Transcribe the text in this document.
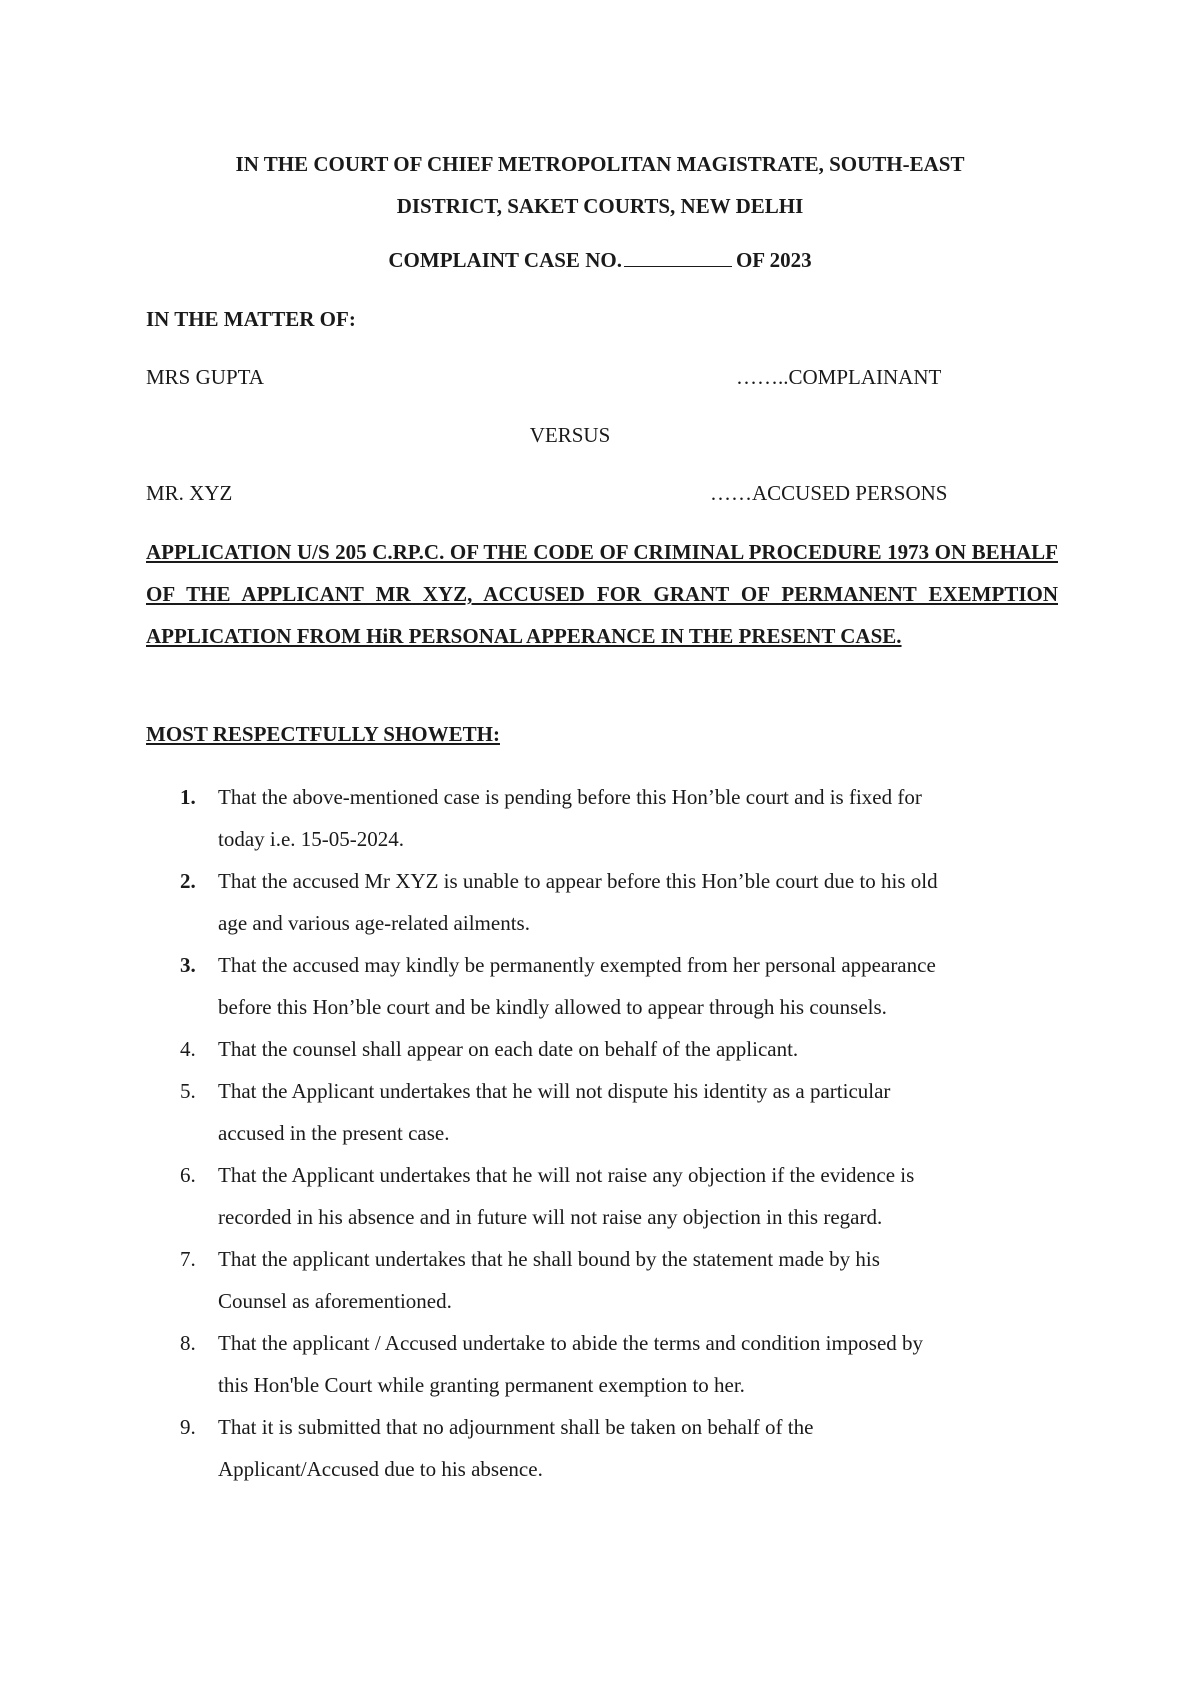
IN THE COURT OF CHIEF METROPOLITAN MAGISTRATE, SOUTH-EAST
DISTRICT, SAKET COURTS, NEW DELHI
COMPLAINT CASE NO.	OF 2023
IN THE MATTER OF:
MRS GUPTA	……..COMPLAINANT
VERSUS
MR. XYZ	……ACCUSED PERSONS
APPLICATION U/S 205 C.RP.C. OF THE CODE OF CRIMINAL PROCEDURE 1973 ON BEHALF OF THE APPLICANT MR XYZ, ACCUSED FOR GRANT OF PERMANENT EXEMPTION APPLICATION FROM HiR PERSONAL APPERANCE IN THE PRESENT CASE.
MOST RESPECTFULLY SHOWETH:
1. That the above-mentioned case is pending before this Hon’ble court and is fixed for
today i.e. 15-05-2024.
2. That the accused Mr XYZ is unable to appear before this Hon’ble court due to his old
age and various age-related ailments.
3. That the accused may kindly be permanently exempted from her personal appearance
before this Hon’ble court and be kindly allowed to appear through his counsels.
4. That the counsel shall appear on each date on behalf of the applicant.
5. That the Applicant undertakes that he will not dispute his identity as a particular
accused in the present case.
6. That the Applicant undertakes that he will not raise any objection if the evidence is
recorded in his absence and in future will not raise any objection in this regard.
7. That the applicant undertakes that he shall bound by the statement made by his
Counsel as aforementioned.
8. That the applicant / Accused undertake to abide the terms and condition imposed by
this Hon'ble Court while granting permanent exemption to her.
9. That it is submitted that no adjournment shall be taken on behalf of the
Applicant/Accused due to his absence.
